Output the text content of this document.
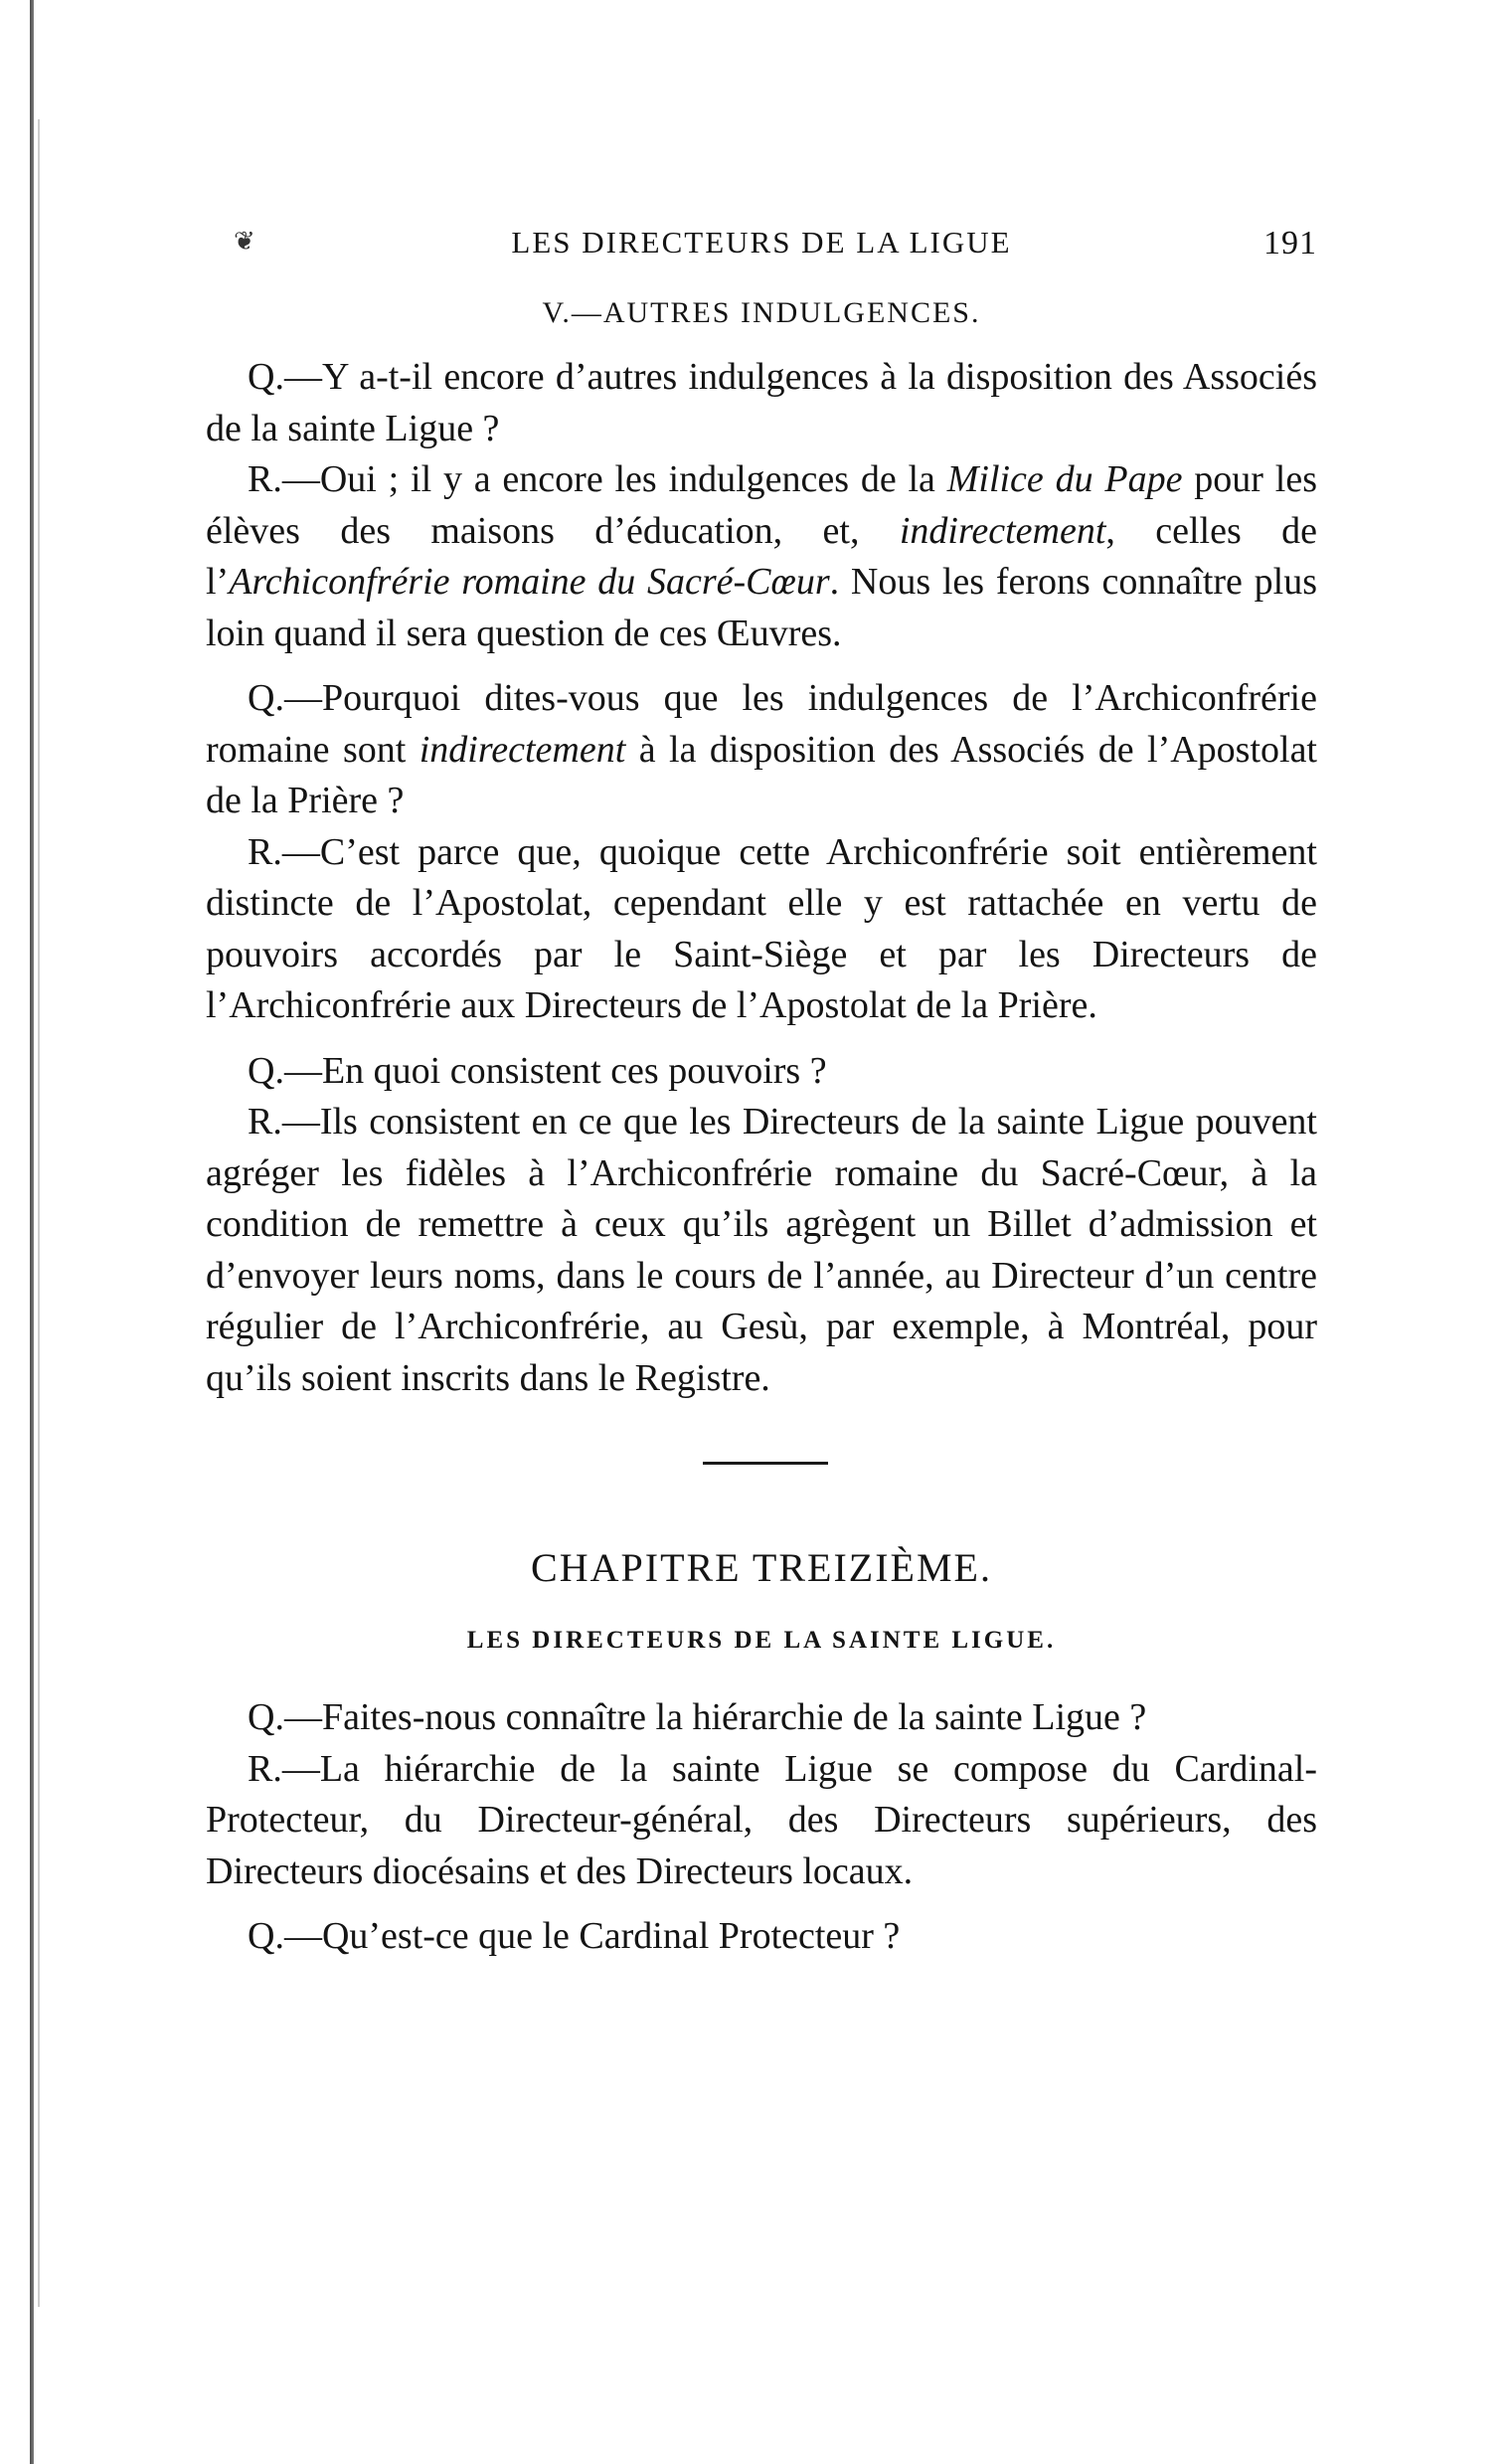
❦	LES DIRECTEURS DE LA LIGUE	191
V.—AUTRES INDULGENCES.

Q.—Y a-t-il encore d’autres indulgences à la disposition des Associés de la sainte Ligue ?

R.—Oui ; il y a encore les indulgences de la Milice du Pape pour les élèves des maisons d’éducation, et, indirectement, celles de l’Archiconfrérie romaine du Sacré-Cœur. Nous les ferons connaître plus loin quand il sera question de ces Œuvres.

Q.—Pourquoi dites-vous que les indulgences de l’Archiconfrérie romaine sont indirectement à la disposition des Associés de l’Apostolat de la Prière ?

R.—C’est parce que, quoique cette Archiconfrérie soit entièrement distincte de l’Apostolat, cependant elle y est rattachée en vertu de pouvoirs accordés par le Saint-Siège et par les Directeurs de l’Archiconfrérie aux Directeurs de l’Apostolat de la Prière.

Q.—En quoi consistent ces pouvoirs ?

R.—Ils consistent en ce que les Directeurs de la sainte Ligue pouvent agréger les fidèles à l’Archiconfrérie romaine du Sacré-Cœur, à la condition de remettre à ceux qu’ils agrègent un Billet d’admission et d’envoyer leurs noms, dans le cours de l’année, au Directeur d’un centre régulier de l’Archiconfrérie, au Gesù, par exemple, à Montréal, pour qu’ils soient inscrits dans le Registre.

CHAPITRE TREIZIÈME.
LES DIRECTEURS DE LA SAINTE LIGUE.

Q.—Faites-nous connaître la hiérarchie de la sainte Ligue ?

R.—La hiérarchie de la sainte Ligue se compose du Cardinal-Protecteur, du Directeur-général, des Directeurs supérieurs, des Directeurs diocésains et des Directeurs locaux.

Q.—Qu’est-ce que le Cardinal Protecteur ?
